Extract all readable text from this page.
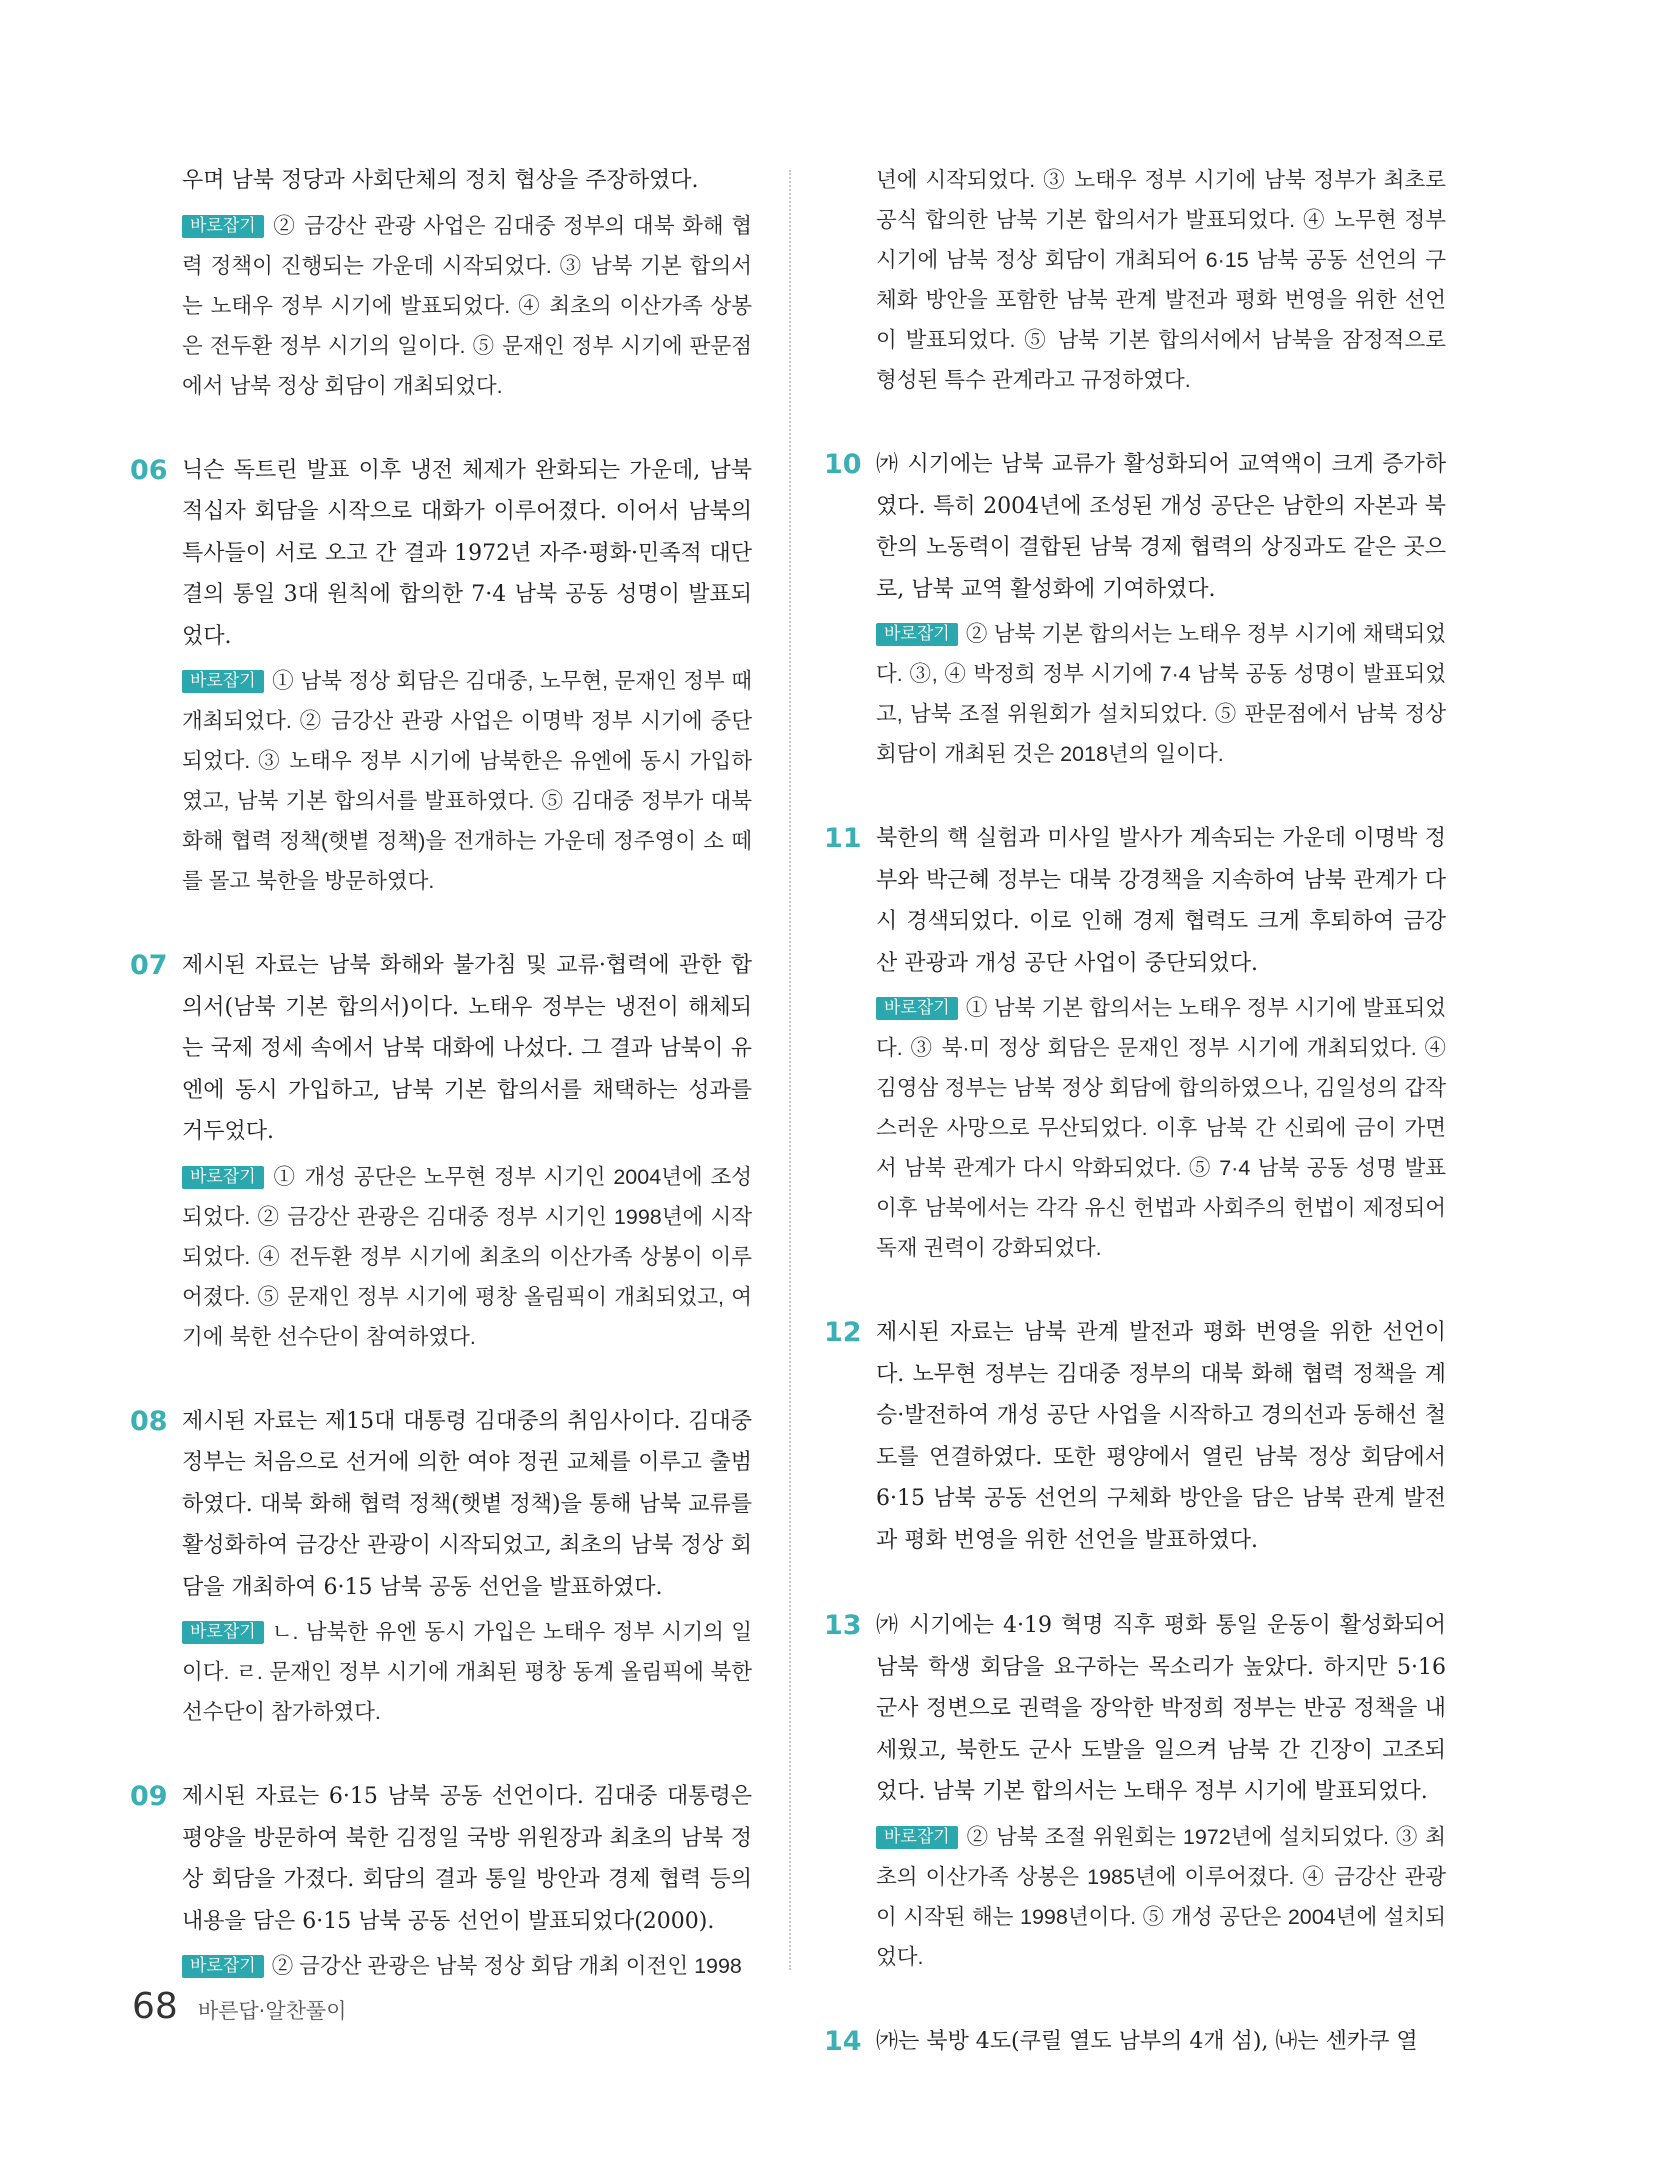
우며 남북 정당과 사회단체의 정치 협상을 주장하였다.

바로잡기 ② 금강산 관광 사업은 김대중 정부의 대북 화해 협력 정책이 진행되는 가운데 시작되었다. ③ 남북 기본 합의서는 노태우 정부 시기에 발표되었다. ④ 최초의 이산가족 상봉은 전두환 정부 시기의 일이다. ⑤ 문재인 정부 시기에 판문점에서 남북 정상 회담이 개최되었다.

06 닉슨 독트린 발표 이후 냉전 체제가 완화되는 가운데, 남북 적십자 회담을 시작으로 대화가 이루어졌다. 이어서 남북의 특사들이 서로 오고 간 결과 1972년 자주·평화·민족적 대단결의 통일 3대 원칙에 합의한 7·4 남북 공동 성명이 발표되었다.

바로잡기 ① 남북 정상 회담은 김대중, 노무현, 문재인 정부 때 개최되었다. ② 금강산 관광 사업은 이명박 정부 시기에 중단되었다. ③ 노태우 정부 시기에 남북한은 유엔에 동시 가입하였고, 남북 기본 합의서를 발표하였다. ⑤ 김대중 정부가 대북 화해 협력 정책(햇볕 정책)을 전개하는 가운데 정주영이 소 떼를 몰고 북한을 방문하였다.

07 제시된 자료는 남북 화해와 불가침 및 교류·협력에 관한 합의서(남북 기본 합의서)이다. 노태우 정부는 냉전이 해체되는 국제 정세 속에서 남북 대화에 나섰다. 그 결과 남북이 유엔에 동시 가입하고, 남북 기본 합의서를 채택하는 성과를 거두었다.

바로잡기 ① 개성 공단은 노무현 정부 시기인 2004년에 조성되었다. ② 금강산 관광은 김대중 정부 시기인 1998년에 시작되었다. ④ 전두환 정부 시기에 최초의 이산가족 상봉이 이루어졌다. ⑤ 문재인 정부 시기에 평창 올림픽이 개최되었고, 여기에 북한 선수단이 참여하였다.

08 제시된 자료는 제15대 대통령 김대중의 취임사이다. 김대중 정부는 처음으로 선거에 의한 여야 정권 교체를 이루고 출범하였다. 대북 화해 협력 정책(햇볕 정책)을 통해 남북 교류를 활성화하여 금강산 관광이 시작되었고, 최초의 남북 정상 회담을 개최하여 6·15 남북 공동 선언을 발표하였다.

바로잡기 ㄴ. 남북한 유엔 동시 가입은 노태우 정부 시기의 일이다. ㄹ. 문재인 정부 시기에 개최된 평창 동계 올림픽에 북한 선수단이 참가하였다.

09 제시된 자료는 6·15 남북 공동 선언이다. 김대중 대통령은 평양을 방문하여 북한 김정일 국방 위원장과 최초의 남북 정상 회담을 가졌다. 회담의 결과 통일 방안과 경제 협력 등의 내용을 담은 6·15 남북 공동 선언이 발표되었다(2000).

바로잡기 ② 금강산 관광은 남북 정상 회담 개최 이전인 1998

년에 시작되었다. ③ 노태우 정부 시기에 남북 정부가 최초로 공식 합의한 남북 기본 합의서가 발표되었다. ④ 노무현 정부 시기에 남북 정상 회담이 개최되어 6·15 남북 공동 선언의 구체화 방안을 포함한 남북 관계 발전과 평화 번영을 위한 선언이 발표되었다. ⑤ 남북 기본 합의서에서 남북을 잠정적으로 형성된 특수 관계라고 규정하였다.

10 ㈎ 시기에는 남북 교류가 활성화되어 교역액이 크게 증가하였다. 특히 2004년에 조성된 개성 공단은 남한의 자본과 북한의 노동력이 결합된 남북 경제 협력의 상징과도 같은 곳으로, 남북 교역 활성화에 기여하였다.

바로잡기 ② 남북 기본 합의서는 노태우 정부 시기에 채택되었다. ③, ④ 박정희 정부 시기에 7·4 남북 공동 성명이 발표되었고, 남북 조절 위원회가 설치되었다. ⑤ 판문점에서 남북 정상 회담이 개최된 것은 2018년의 일이다.

11 북한의 핵 실험과 미사일 발사가 계속되는 가운데 이명박 정부와 박근혜 정부는 대북 강경책을 지속하여 남북 관계가 다시 경색되었다. 이로 인해 경제 협력도 크게 후퇴하여 금강산 관광과 개성 공단 사업이 중단되었다.

바로잡기 ① 남북 기본 합의서는 노태우 정부 시기에 발표되었다. ③ 북·미 정상 회담은 문재인 정부 시기에 개최되었다. ④ 김영삼 정부는 남북 정상 회담에 합의하였으나, 김일성의 갑작스러운 사망으로 무산되었다. 이후 남북 간 신뢰에 금이 가면서 남북 관계가 다시 악화되었다. ⑤ 7·4 남북 공동 성명 발표 이후 남북에서는 각각 유신 헌법과 사회주의 헌법이 제정되어 독재 권력이 강화되었다.

12 제시된 자료는 남북 관계 발전과 평화 번영을 위한 선언이다. 노무현 정부는 김대중 정부의 대북 화해 협력 정책을 계승·발전하여 개성 공단 사업을 시작하고 경의선과 동해선 철도를 연결하였다. 또한 평양에서 열린 남북 정상 회담에서 6·15 남북 공동 선언의 구체화 방안을 담은 남북 관계 발전과 평화 번영을 위한 선언을 발표하였다.

13 ㈎ 시기에는 4·19 혁명 직후 평화 통일 운동이 활성화되어 남북 학생 회담을 요구하는 목소리가 높았다. 하지만 5·16 군사 정변으로 권력을 장악한 박정희 정부는 반공 정책을 내세웠고, 북한도 군사 도발을 일으켜 남북 간 긴장이 고조되었다. 남북 기본 합의서는 노태우 정부 시기에 발표되었다.

바로잡기 ② 남북 조절 위원회는 1972년에 설치되었다. ③ 최초의 이산가족 상봉은 1985년에 이루어졌다. ④ 금강산 관광이 시작된 해는 1998년이다. ⑤ 개성 공단은 2004년에 설치되었다.

14 ㈎는 북방 4도(쿠릴 열도 남부의 4개 섬), ㈏는 센카쿠 열

68 바른답·알찬풀이
